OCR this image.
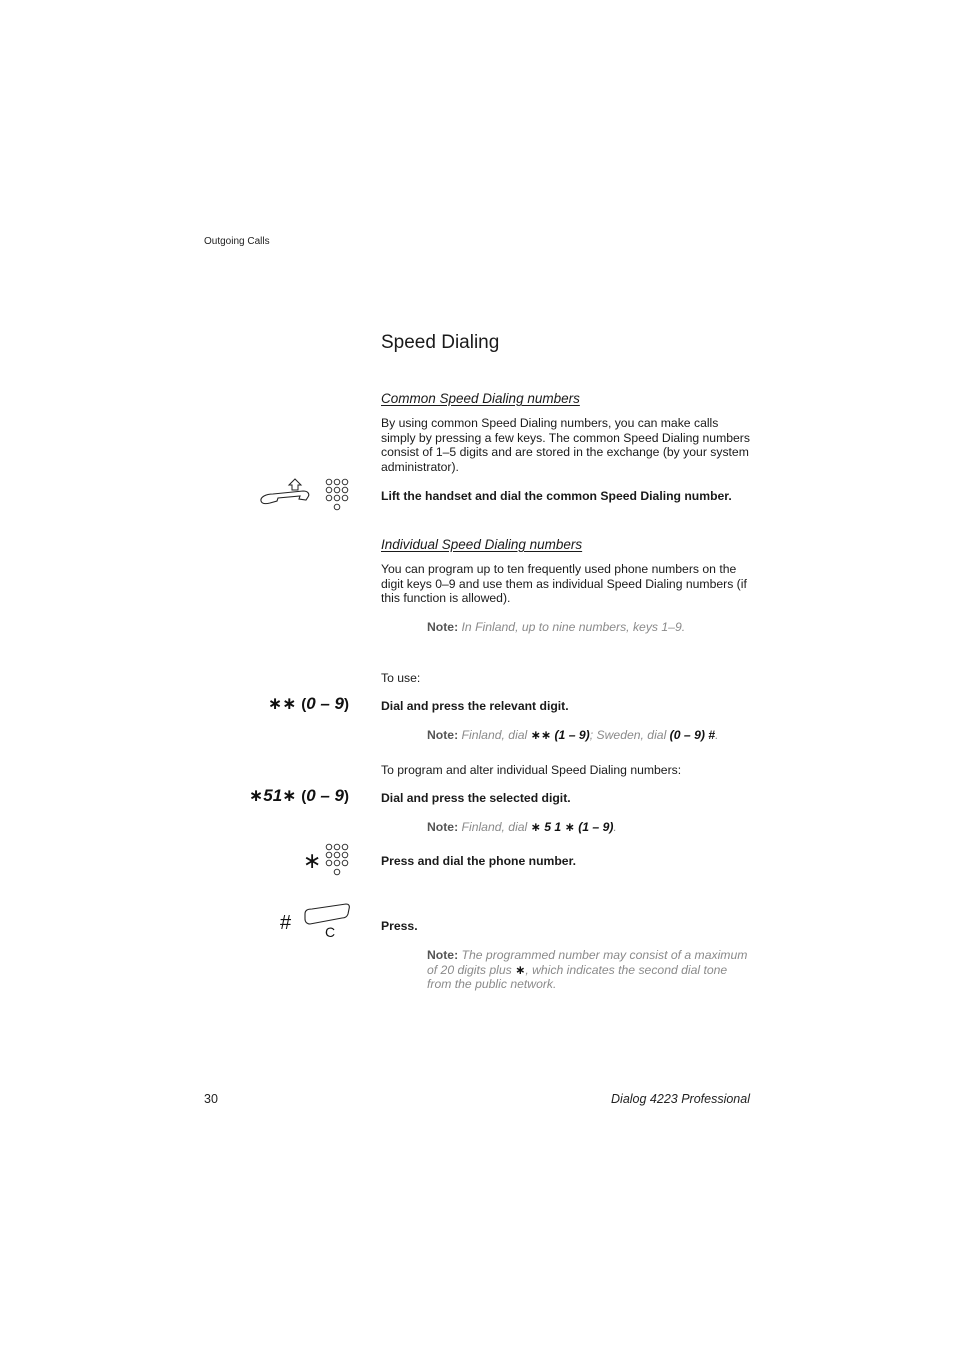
Outgoing Calls
Speed Dialing
Common Speed Dialing numbers
By using common Speed Dialing numbers, you can make calls simply by pressing a few keys. The common Speed Dialing numbers consist of 1–5 digits and are stored in the exchange (by your system administrator).
Lift the handset and dial the common Speed Dialing number.
Individual Speed Dialing numbers
You can program up to ten frequently used phone numbers on the digit keys 0–9 and use them as individual Speed Dialing numbers (if this function is allowed).
Note: In Finland, up to nine numbers, keys 1–9.
To use:
∗∗ (0 – 9)	Dial and press the relevant digit.
Note: Finland, dial ∗∗ (1 – 9); Sweden, dial (0 – 9) #.
To program and alter individual Speed Dialing numbers:
∗51∗ (0 – 9)	Dial and press the selected digit.
Note: Finland, dial ∗ 5 1 ∗ (1 – 9).
∗	Press and dial the phone number.
# C	Press.
Note: The programmed number may consist of a maximum of 20 digits plus ∗, which indicates the second dial tone from the public network.
30	Dialog 4223 Professional
